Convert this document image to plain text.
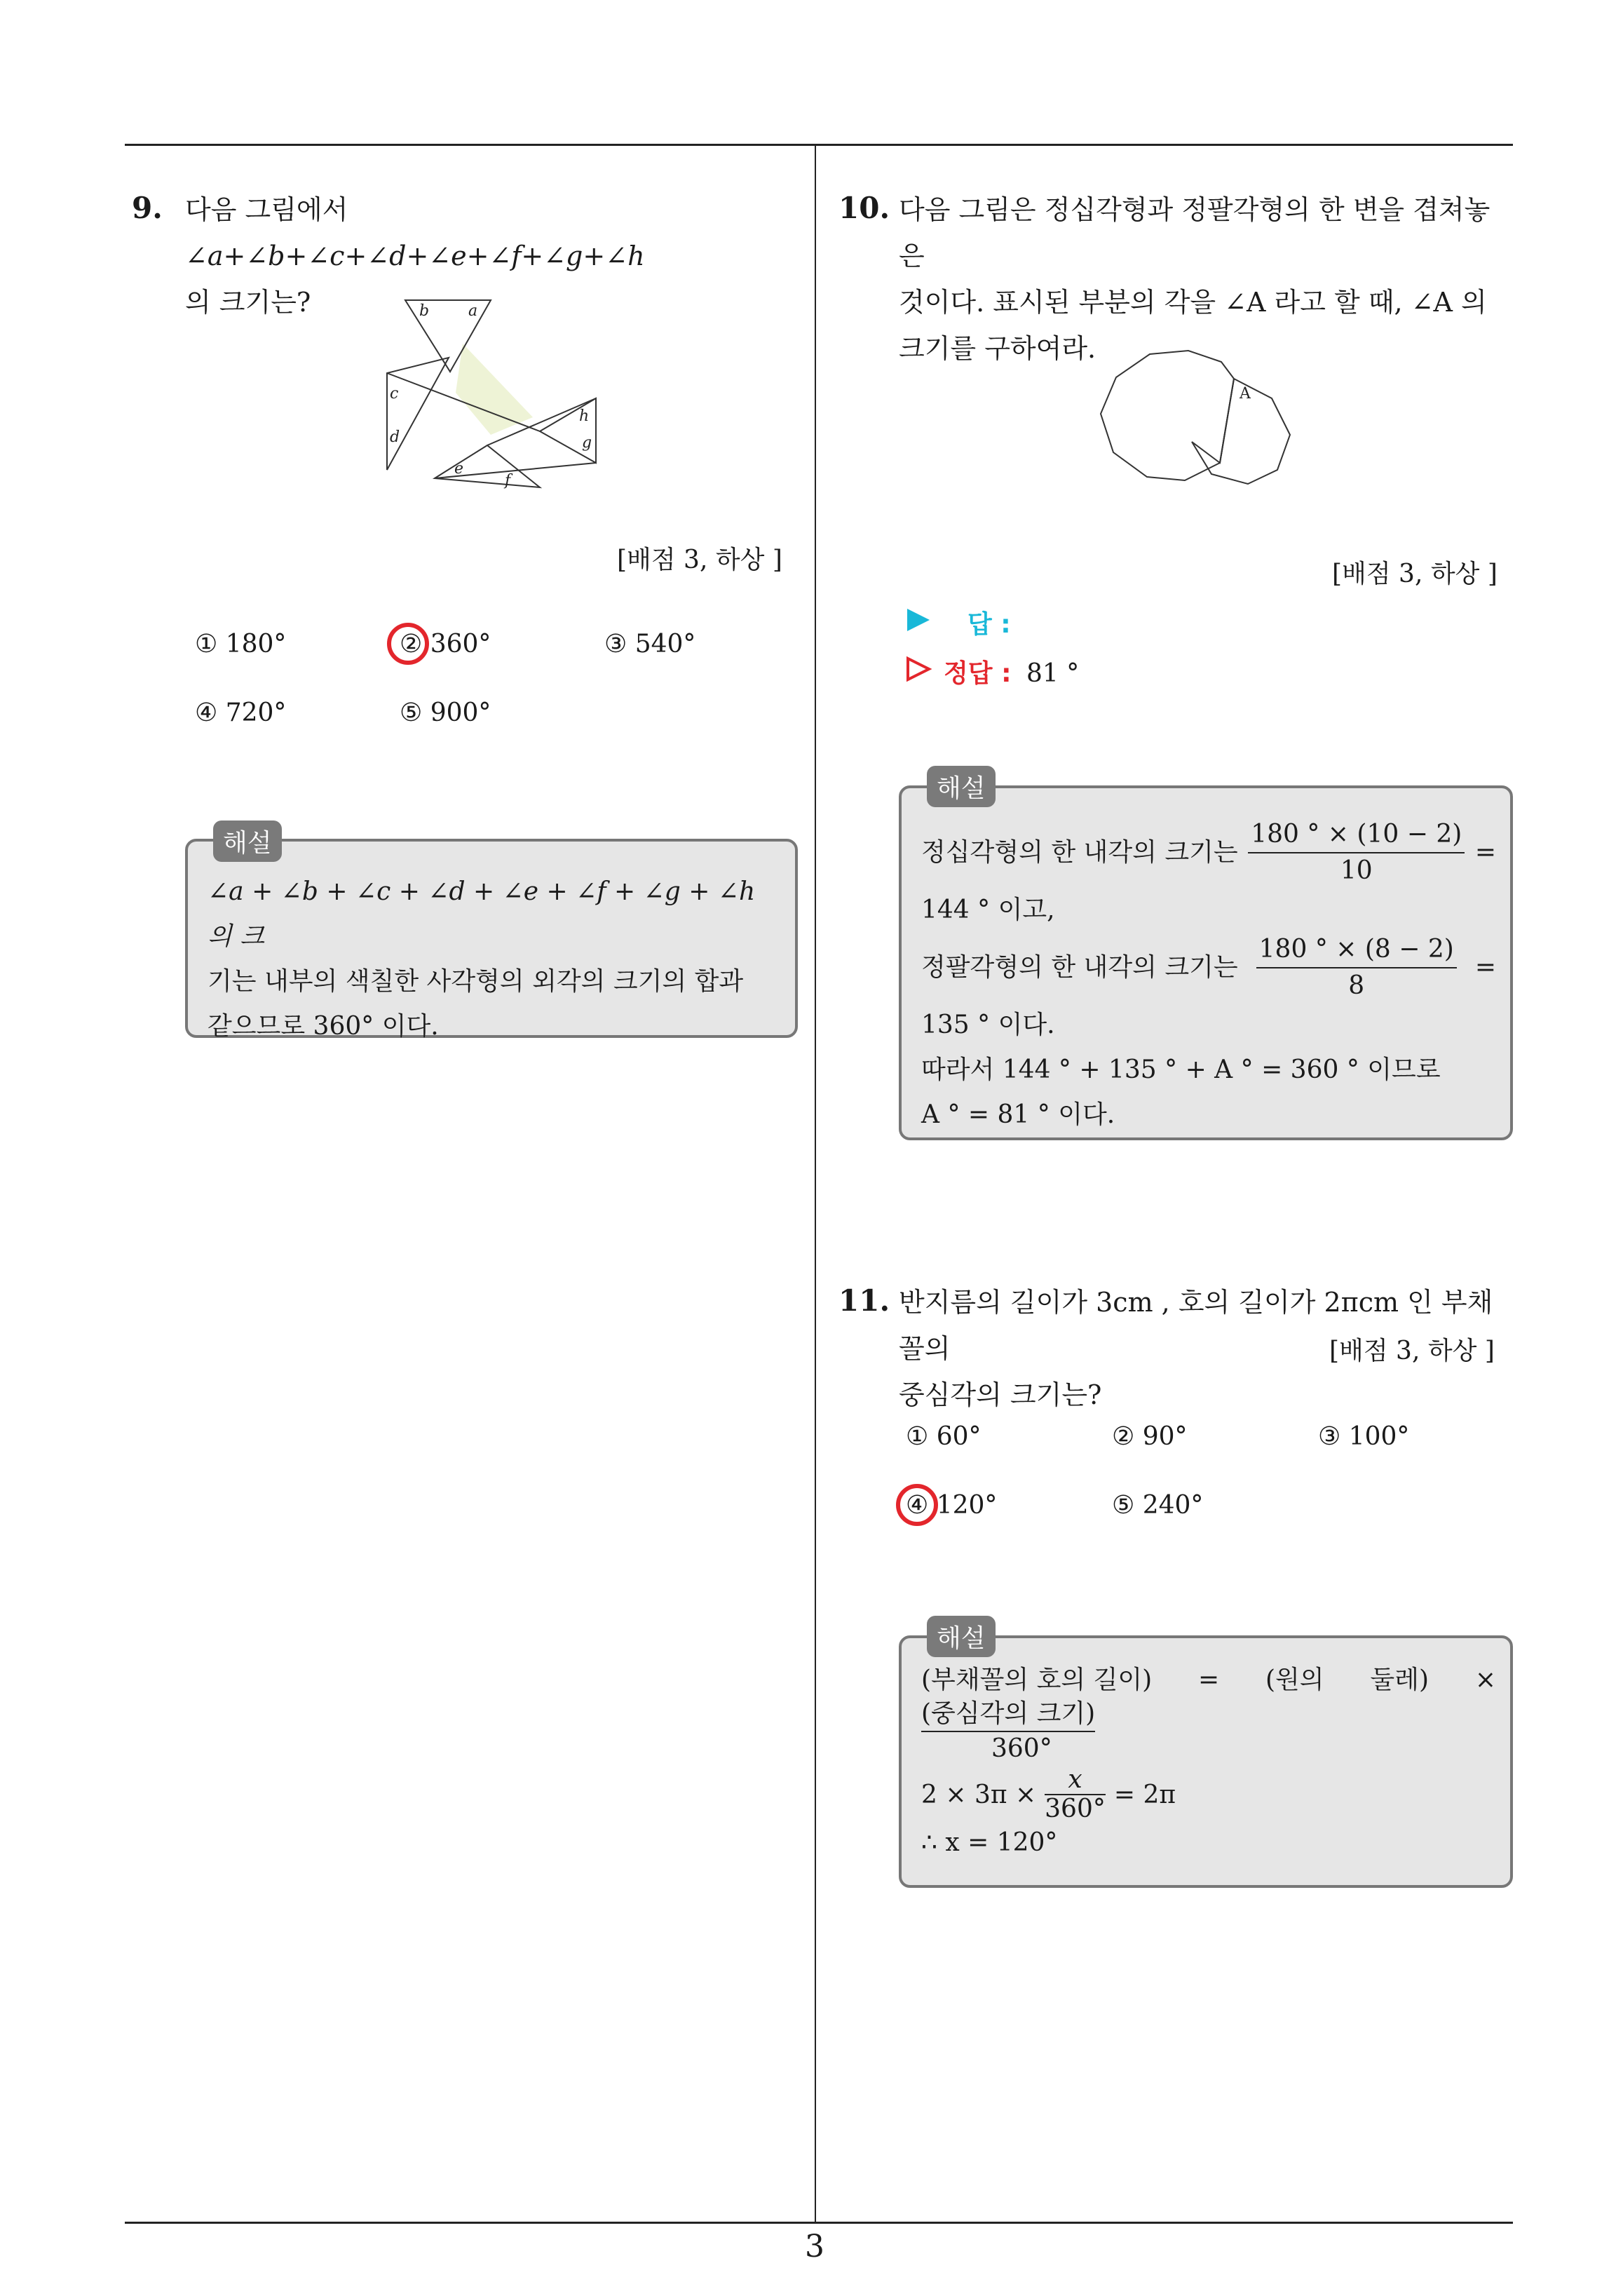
9. 다음 그림에서 ∠a+∠b+∠c+∠d+∠e+∠f+∠g+∠h
의 크기는?	b	a
c
d
h
g
e
f
[배점 3, 하상 ]
① 180°	② 360°	③ 540°
④ 720°	⑤ 900°
해설
∠a + ∠b + ∠c + ∠d + ∠e + ∠f + ∠g + ∠h 의 크
기는 내부의 색칠한 사각형의 외각의 크기의 합과
같으므로 360° 이다.
10. 다음 그림은 정십각형과 정팔각형의 한 변을 겹쳐놓은
것이다. 표시된 부분의 각을 ∠A 라고 할 때, ∠A 의
크기를 구하여라.
A
[배점 3, 하상 ]
답 :
정답 : 81 °
해설
정십각형의 한 내각의 크기는 $\frac{180 ^\circ \times (10 - 2)}{10}$ =
144 ° 이고,
정팔각형의 한 내각의 크기는 $\frac{180 ^\circ \times (8 - 2)}{8}$ =
135 ° 이다.
따라서 144 ° + 135 ° + A ° = 360 ° 이므로
A ° = 81 ° 이다.
11. 반지름의 길이가 3cm , 호의 길이가 2πcm 인 부채꼴의
중심각의 크기는?
[배점 3, 하상 ]
① 60°	② 90°	③ 100°
④ 120°	⑤ 240°
해설
(부채꼴의 호의 길이) = (원의 둘레) ×
(중심각의 크기)
360°
$2 \times 3\pi \times \frac{x}{360^\circ} = 2\pi$
∴ x = 120°
3
